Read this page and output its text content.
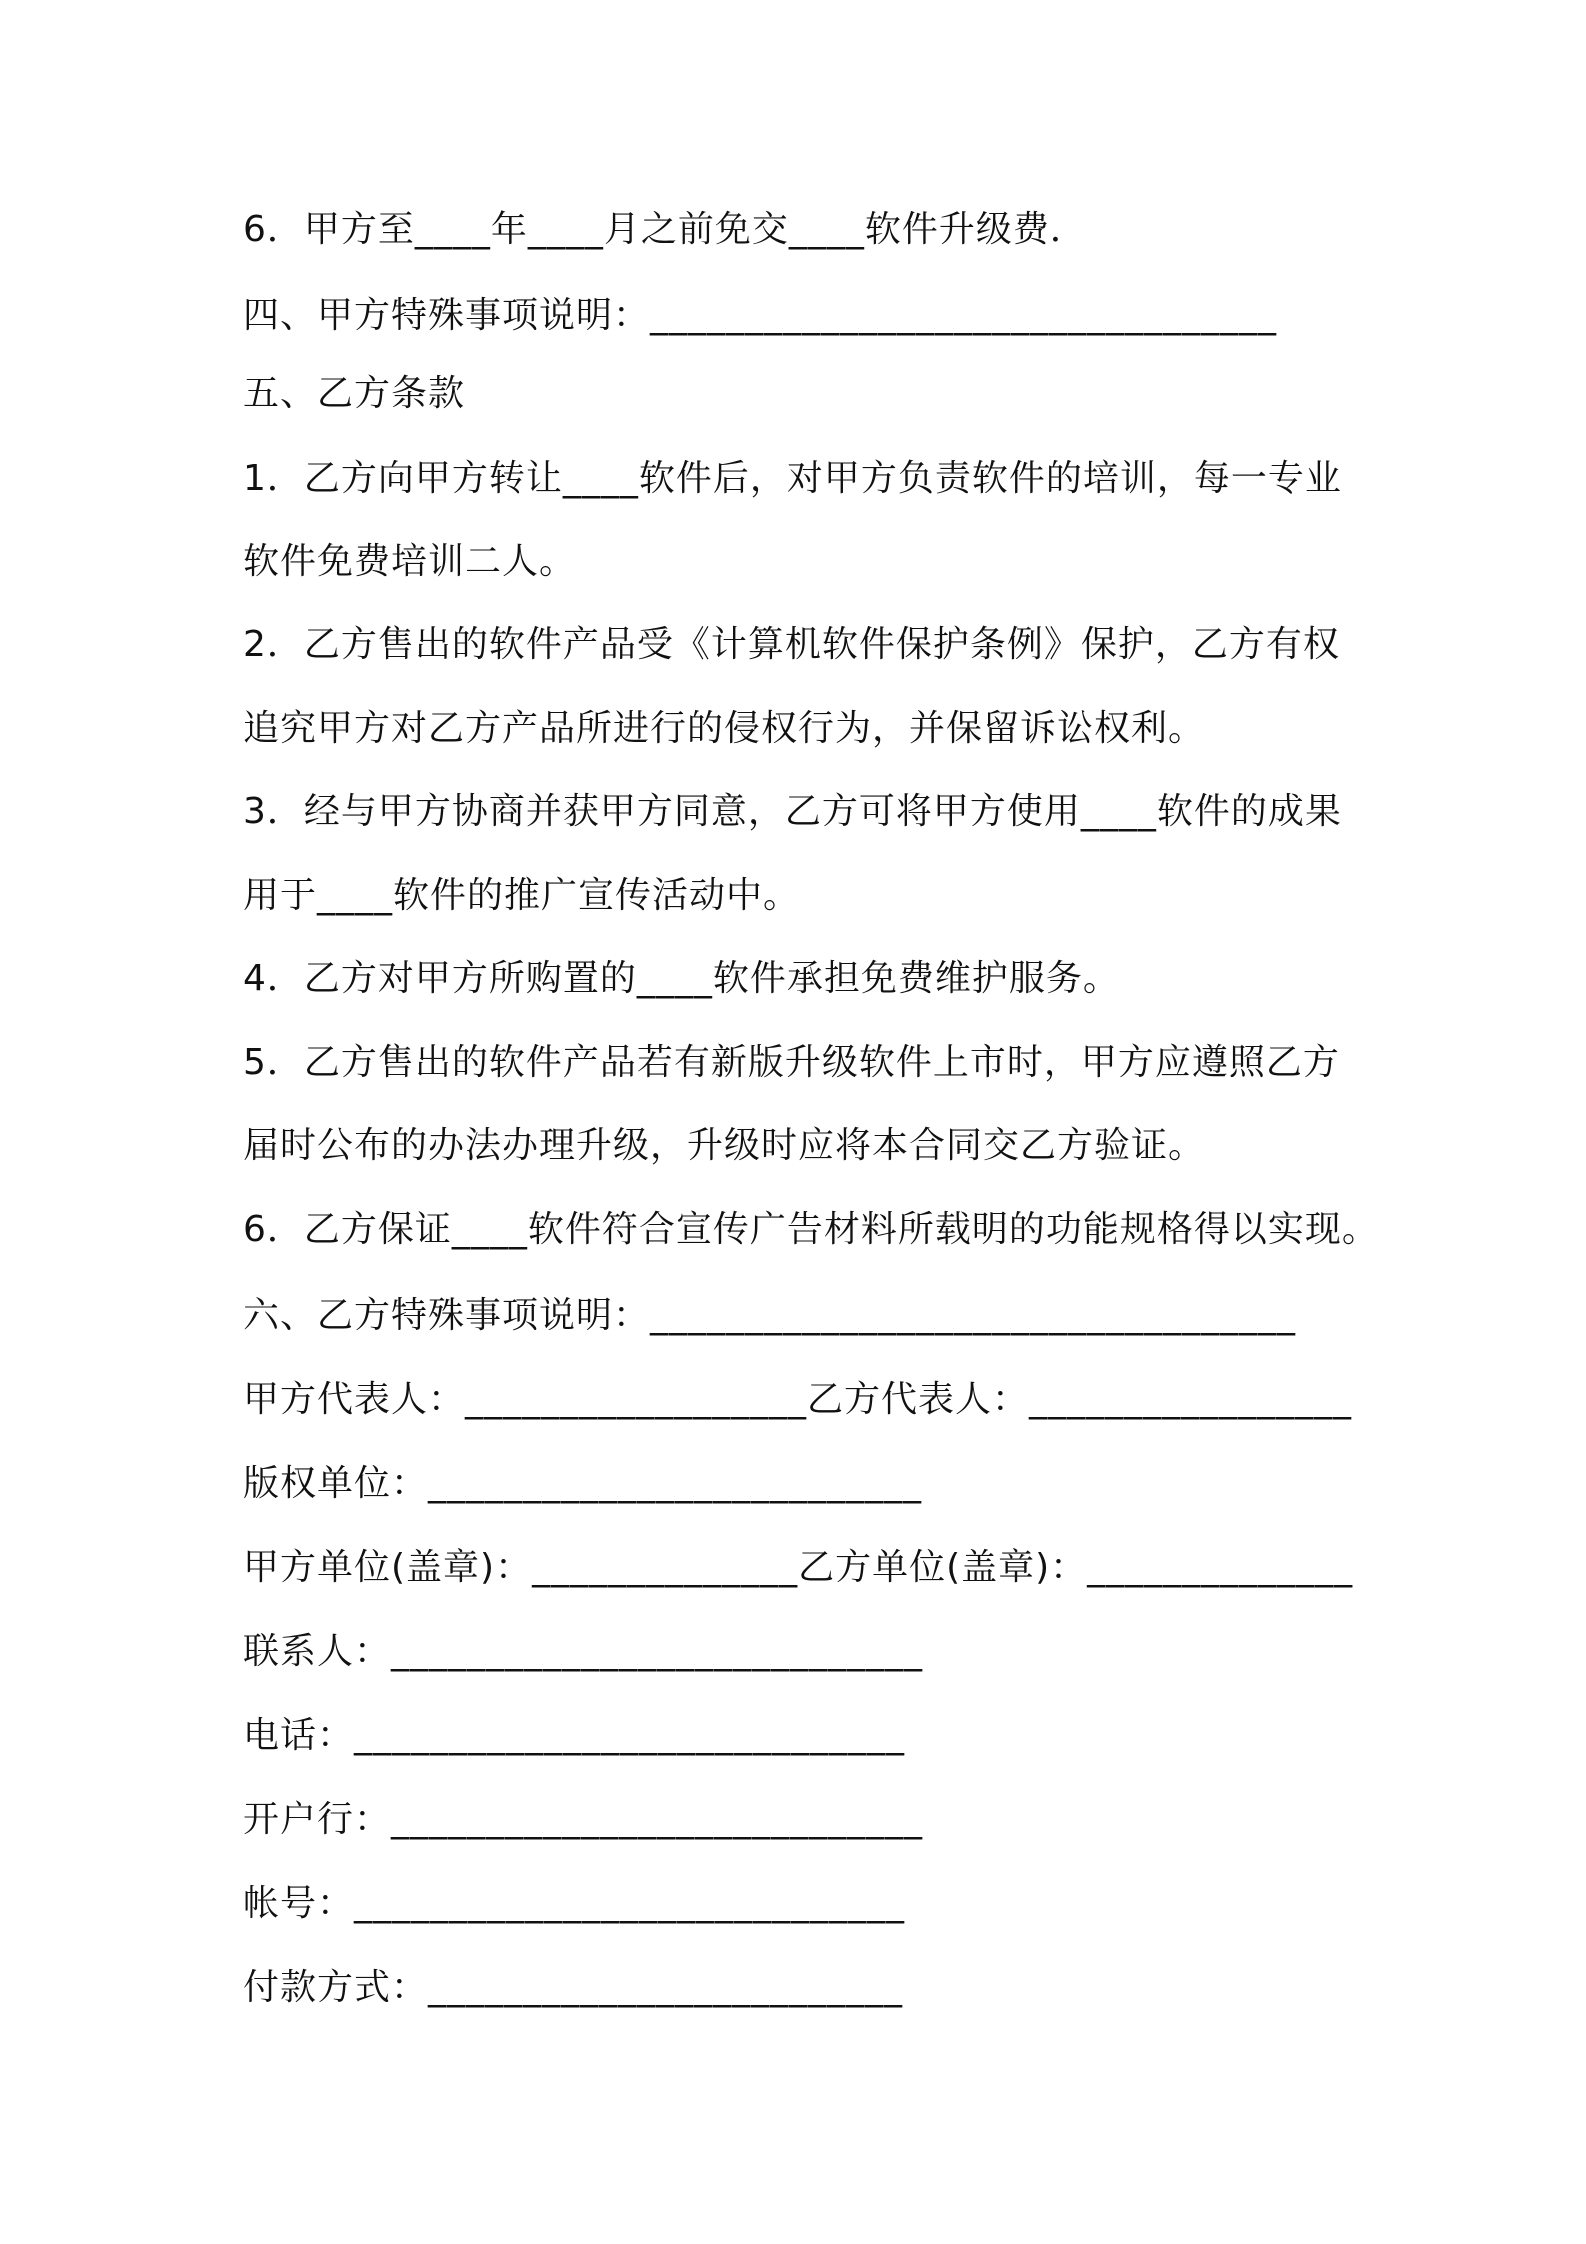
6．甲方至____年____月之前免交____软件升级费．
四、甲方特殊事项说明：_________________________________
五、乙方条款
1．乙方向甲方转让____软件后，对甲方负责软件的培训，每一专业
软件免费培训二人。
2．乙方售出的软件产品受《计算机软件保护条例》保护，乙方有权
追究甲方对乙方产品所进行的侵权行为，并保留诉讼权利。
3．经与甲方协商并获甲方同意，乙方可将甲方使用____软件的成果
用于____软件的推广宣传活动中。
4．乙方对甲方所购置的____软件承担免费维护服务。
5．乙方售出的软件产品若有新版升级软件上市时，甲方应遵照乙方
届时公布的办法办理升级，升级时应将本合同交乙方验证。
6．乙方保证____软件符合宣传广告材料所载明的功能规格得以实现。
六、乙方特殊事项说明：__________________________________
甲方代表人：__________________乙方代表人：_________________
版权单位：__________________________
甲方单位(盖章)：______________乙方单位(盖章)：______________
联系人：____________________________
电话：_____________________________
开户行：____________________________
帐号：_____________________________
付款方式：_________________________
